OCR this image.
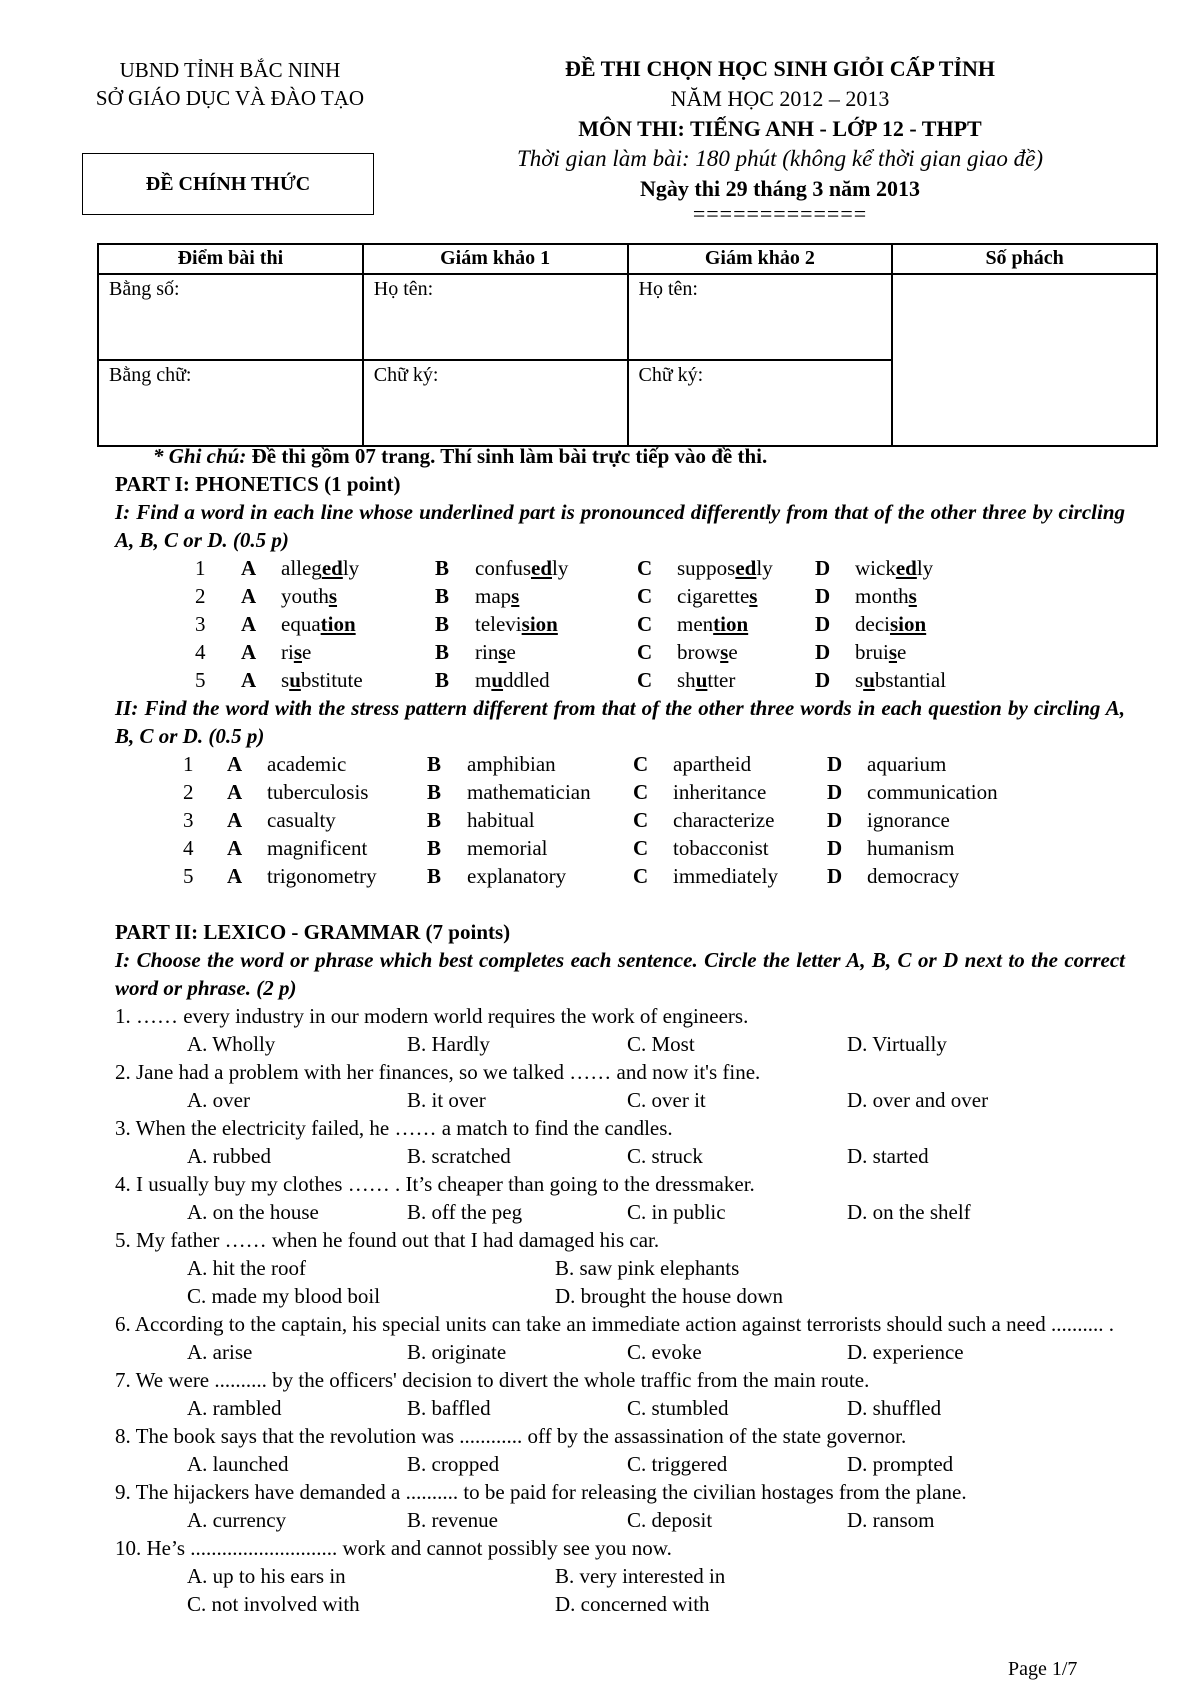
UBND TỈNH BẮC NINH
SỞ GIÁO DỤC VÀ ĐÀO TẠO
ĐỀ CHÍNH THỨC
ĐỀ THI CHỌN HỌC SINH GIỎI CẤP TỈNH
NĂM HỌC 2012 – 2013
MÔN THI: TIẾNG ANH - LỚP 12 - THPT
Thời gian làm bài: 180 phút (không kể thời gian giao đề)
Ngày thi 29 tháng 3 năm 2013
=============
Điểm bài thi	Giám khảo 1	Giám khảo 2	Số phách
Bằng số:	Họ tên:	Họ tên:	
Bằng chữ:	Chữ ký:	Chữ ký:	
* Ghi chú: Đề thi gồm 07 trang. Thí sinh làm bài trực tiếp vào đề thi.
PART I: PHONETICS (1 point)
I: Find a word in each line whose underlined part is pronounced differently from that of the other three by circling A, B, C or D. (0.5 p)
1 A allegedly	B confusedly	C supposedly D wickedly
2 A youths	B maps	C cigarettes	D months
3 A equation	B television	C mention	D decision
4 A rise	B rinse	C browse	D bruise
5 A substitute	B muddled	C shutter	D substantial
II: Find the word with the stress pattern different from that of the other three words in each question by circling A, B, C or D. (0.5 p)
1 A academic	B amphibian	C apartheid	D aquarium
2 A tuberculosis	B mathematician C inheritance	D communication
3 A casualty	B habitual	C characterize	D ignorance
4 A magnificent	B memorial	C tobacconist	D humanism
5 A trigonometry B explanatory	C immediately D democracy
PART II: LEXICO - GRAMMAR (7 points)
I: Choose the word or phrase which best completes each sentence. Circle the letter A, B, C or D next to the correct word or phrase. (2 p)
1. …… every industry in our modern world requires the work of engineers.
A. Wholly	B. Hardly	C. Most	D. Virtually
2. Jane had a problem with her finances, so we talked …… and now it's fine.
A. over	B. it over	C. over it	D. over and over
3. When the electricity failed, he …… a match to find the candles.
A. rubbed	B. scratched	C. struck	D. started
4. I usually buy my clothes …… . It’s cheaper than going to the dressmaker.
A. on the house	B. off the peg	C. in public	D. on the shelf
5. My father …… when he found out that I had damaged his car.
A. hit the roof	B. saw pink elephants
C. made my blood boil	D. brought the house down
6. According to the captain, his special units can take an immediate action against terrorists should such a need .......... .
A. arise	B. originate	C. evoke	D. experience
7. We were .......... by the officers' decision to divert the whole traffic from the main route.
A. rambled	B. baffled	C. stumbled	D. shuffled
8. The book says that the revolution was ............ off by the assassination of the state governor.
A. launched	B. cropped	C. triggered	D. prompted
9. The hijackers have demanded a .......... to be paid for releasing the civilian hostages from the plane.
A. currency	B. revenue	C. deposit	D. ransom
10. He’s ............................ work and cannot possibly see you now.
A. up to his ears in	B. very interested in
C. not involved with	D. concerned with
Page 1/7
